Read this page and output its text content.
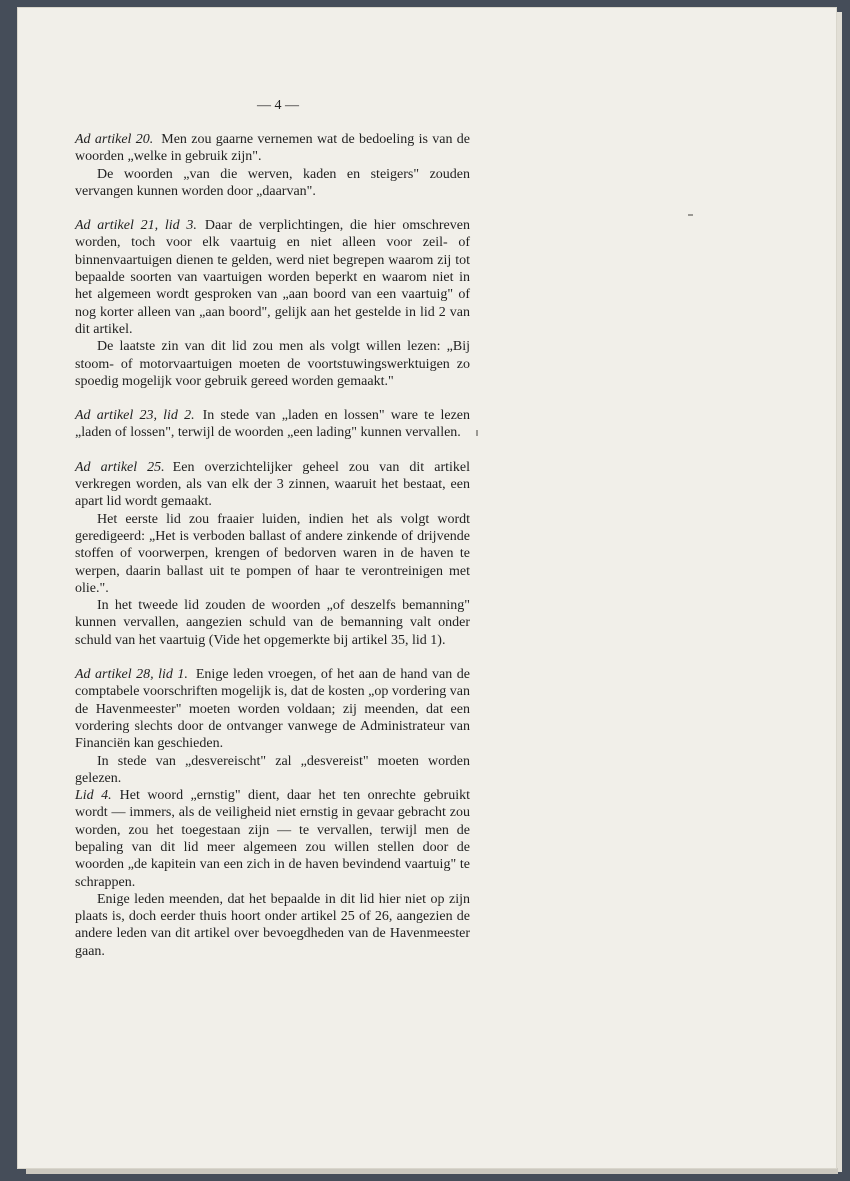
— 4 —

Ad artikel 20. Men zou gaarne vernemen wat de bedoeling is van de woorden „welke in gebruik zijn".

De woorden „van die werven, kaden en steigers" zouden vervangen kunnen worden door „daarvan".

Ad artikel 21, lid 3. Daar de verplichtingen, die hier omschreven worden, toch voor elk vaartuig en niet alleen voor zeil- of binnenvaartuigen dienen te gelden, werd niet begrepen waarom zij tot bepaalde soorten van vaartuigen worden beperkt en waarom niet in het algemeen wordt gesproken van „aan boord van een vaartuig" of nog korter alleen van „aan boord", gelijk aan het gestelde in lid 2 van dit artikel.

De laatste zin van dit lid zou men als volgt willen lezen: „Bij stoom- of motorvaartuigen moeten de voortstuwingswerktuigen zo spoedig mogelijk voor gebruik gereed worden gemaakt."

Ad artikel 23, lid 2. In stede van „laden en lossen" ware te lezen „laden of lossen", terwijl de woorden „een lading" kunnen vervallen.

Ad artikel 25. Een overzichtelijker geheel zou van dit artikel verkregen worden, als van elk der 3 zinnen, waaruit het bestaat, een apart lid wordt gemaakt.

Het eerste lid zou fraaier luiden, indien het als volgt wordt geredigeerd: „Het is verboden ballast of andere zinkende of drijvende stoffen of voorwerpen, krengen of bedorven waren in de haven te werpen, daarin ballast uit te pompen of haar te verontreinigen met olie.".

In het tweede lid zouden de woorden „of deszelfs bemanning" kunnen vervallen, aangezien schuld van de bemanning valt onder schuld van het vaartuig (Vide het opgemerkte bij artikel 35, lid 1).

Ad artikel 28, lid 1. Enige leden vroegen, of het aan de hand van de comptabele voorschriften mogelijk is, dat de kosten „op vordering van de Havenmeester" moeten worden voldaan; zij meenden, dat een vordering slechts door de ontvanger vanwege de Administrateur van Financiën kan geschieden.

In stede van „desvereischt" zal „desvereist" moeten worden gelezen.

Lid 4. Het woord „ernstig" dient, daar het ten onrechte gebruikt wordt — immers, als de veiligheid niet ernstig in gevaar gebracht zou worden, zou het toegestaan zijn — te vervallen, terwijl men de bepaling van dit lid meer algemeen zou willen stellen door de woorden „de kapitein van een zich in de haven bevindend vaartuig" te schrappen.

Enige leden meenden, dat het bepaalde in dit lid hier niet op zijn plaats is, doch eerder thuis hoort onder artikel 25 of 26, aangezien de andere leden van dit artikel over bevoegdheden van de Havenmeester gaan.
